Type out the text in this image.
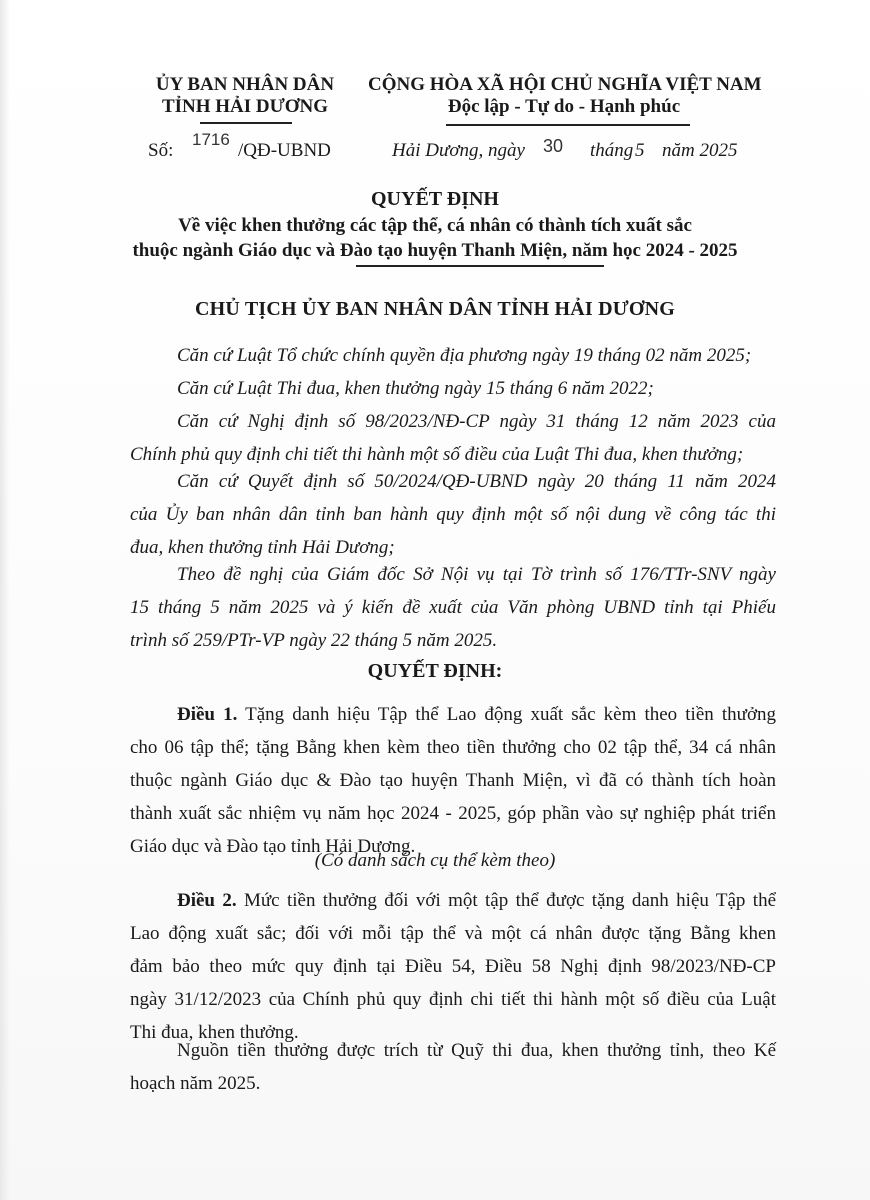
ỦY BAN NHÂN DÂN
TỈNH HẢI DƯƠNG
CỘNG HÒA XÃ HỘI CHỦ NGHĨA VIỆT NAM
Độc lập - Tự do - Hạnh phúc
Số:
1716
/QĐ-UBND	Hải Dương, ngày 30 tháng 5 năm 2025
QUYẾT ĐỊNH
Về việc khen thưởng các tập thể, cá nhân có thành tích xuất sắc
thuộc ngành Giáo dục và Đào tạo huyện Thanh Miện, năm học 2024 - 2025
CHỦ TỊCH ỦY BAN NHÂN DÂN TỈNH HẢI DƯƠNG
Căn cứ Luật Tổ chức chính quyền địa phương ngày 19 tháng 02 năm 2025;
Căn cứ Luật Thi đua, khen thưởng ngày 15 tháng 6 năm 2022;
Căn cứ Nghị định số 98/2023/NĐ-CP ngày 31 tháng 12 năm 2023 của
Chính phủ quy định chi tiết thi hành một số điều của Luật Thi đua, khen thưởng;
Căn cứ Quyết định số 50/2024/QĐ-UBND ngày 20 tháng 11 năm 2024
của Ủy ban nhân dân tỉnh ban hành quy định một số nội dung về công tác thi
đua, khen thưởng tỉnh Hải Dương;
Theo đề nghị của Giám đốc Sở Nội vụ tại Tờ trình số 176/TTr-SNV ngày
15 tháng 5 năm 2025 và ý kiến đề xuất của Văn phòng UBND tỉnh tại Phiếu
trình số 259/PTr-VP ngày 22 tháng 5 năm 2025.
QUYẾT ĐỊNH:
Điều 1. Tặng danh hiệu Tập thể Lao động xuất sắc kèm theo tiền thưởng
cho 06 tập thể; tặng Bằng khen kèm theo tiền thưởng cho 02 tập thể, 34 cá nhân
thuộc ngành Giáo dục & Đào tạo huyện Thanh Miện, vì đã có thành tích hoàn
thành xuất sắc nhiệm vụ năm học 2024 - 2025, góp phần vào sự nghiệp phát triển
Giáo dục và Đào tạo tỉnh Hải Dương.
(Có danh sách cụ thể kèm theo)
Điều 2. Mức tiền thưởng đối với một tập thể được tặng danh hiệu Tập thể
Lao động xuất sắc; đối với mỗi tập thể và một cá nhân được tặng Bằng khen
đảm bảo theo mức quy định tại Điều 54, Điều 58 Nghị định 98/2023/NĐ-CP
ngày 31/12/2023 của Chính phủ quy định chi tiết thi hành một số điều của Luật
Thi đua, khen thưởng.
Nguồn tiền thưởng được trích từ Quỹ thi đua, khen thưởng tỉnh, theo Kế
hoạch năm 2025.
